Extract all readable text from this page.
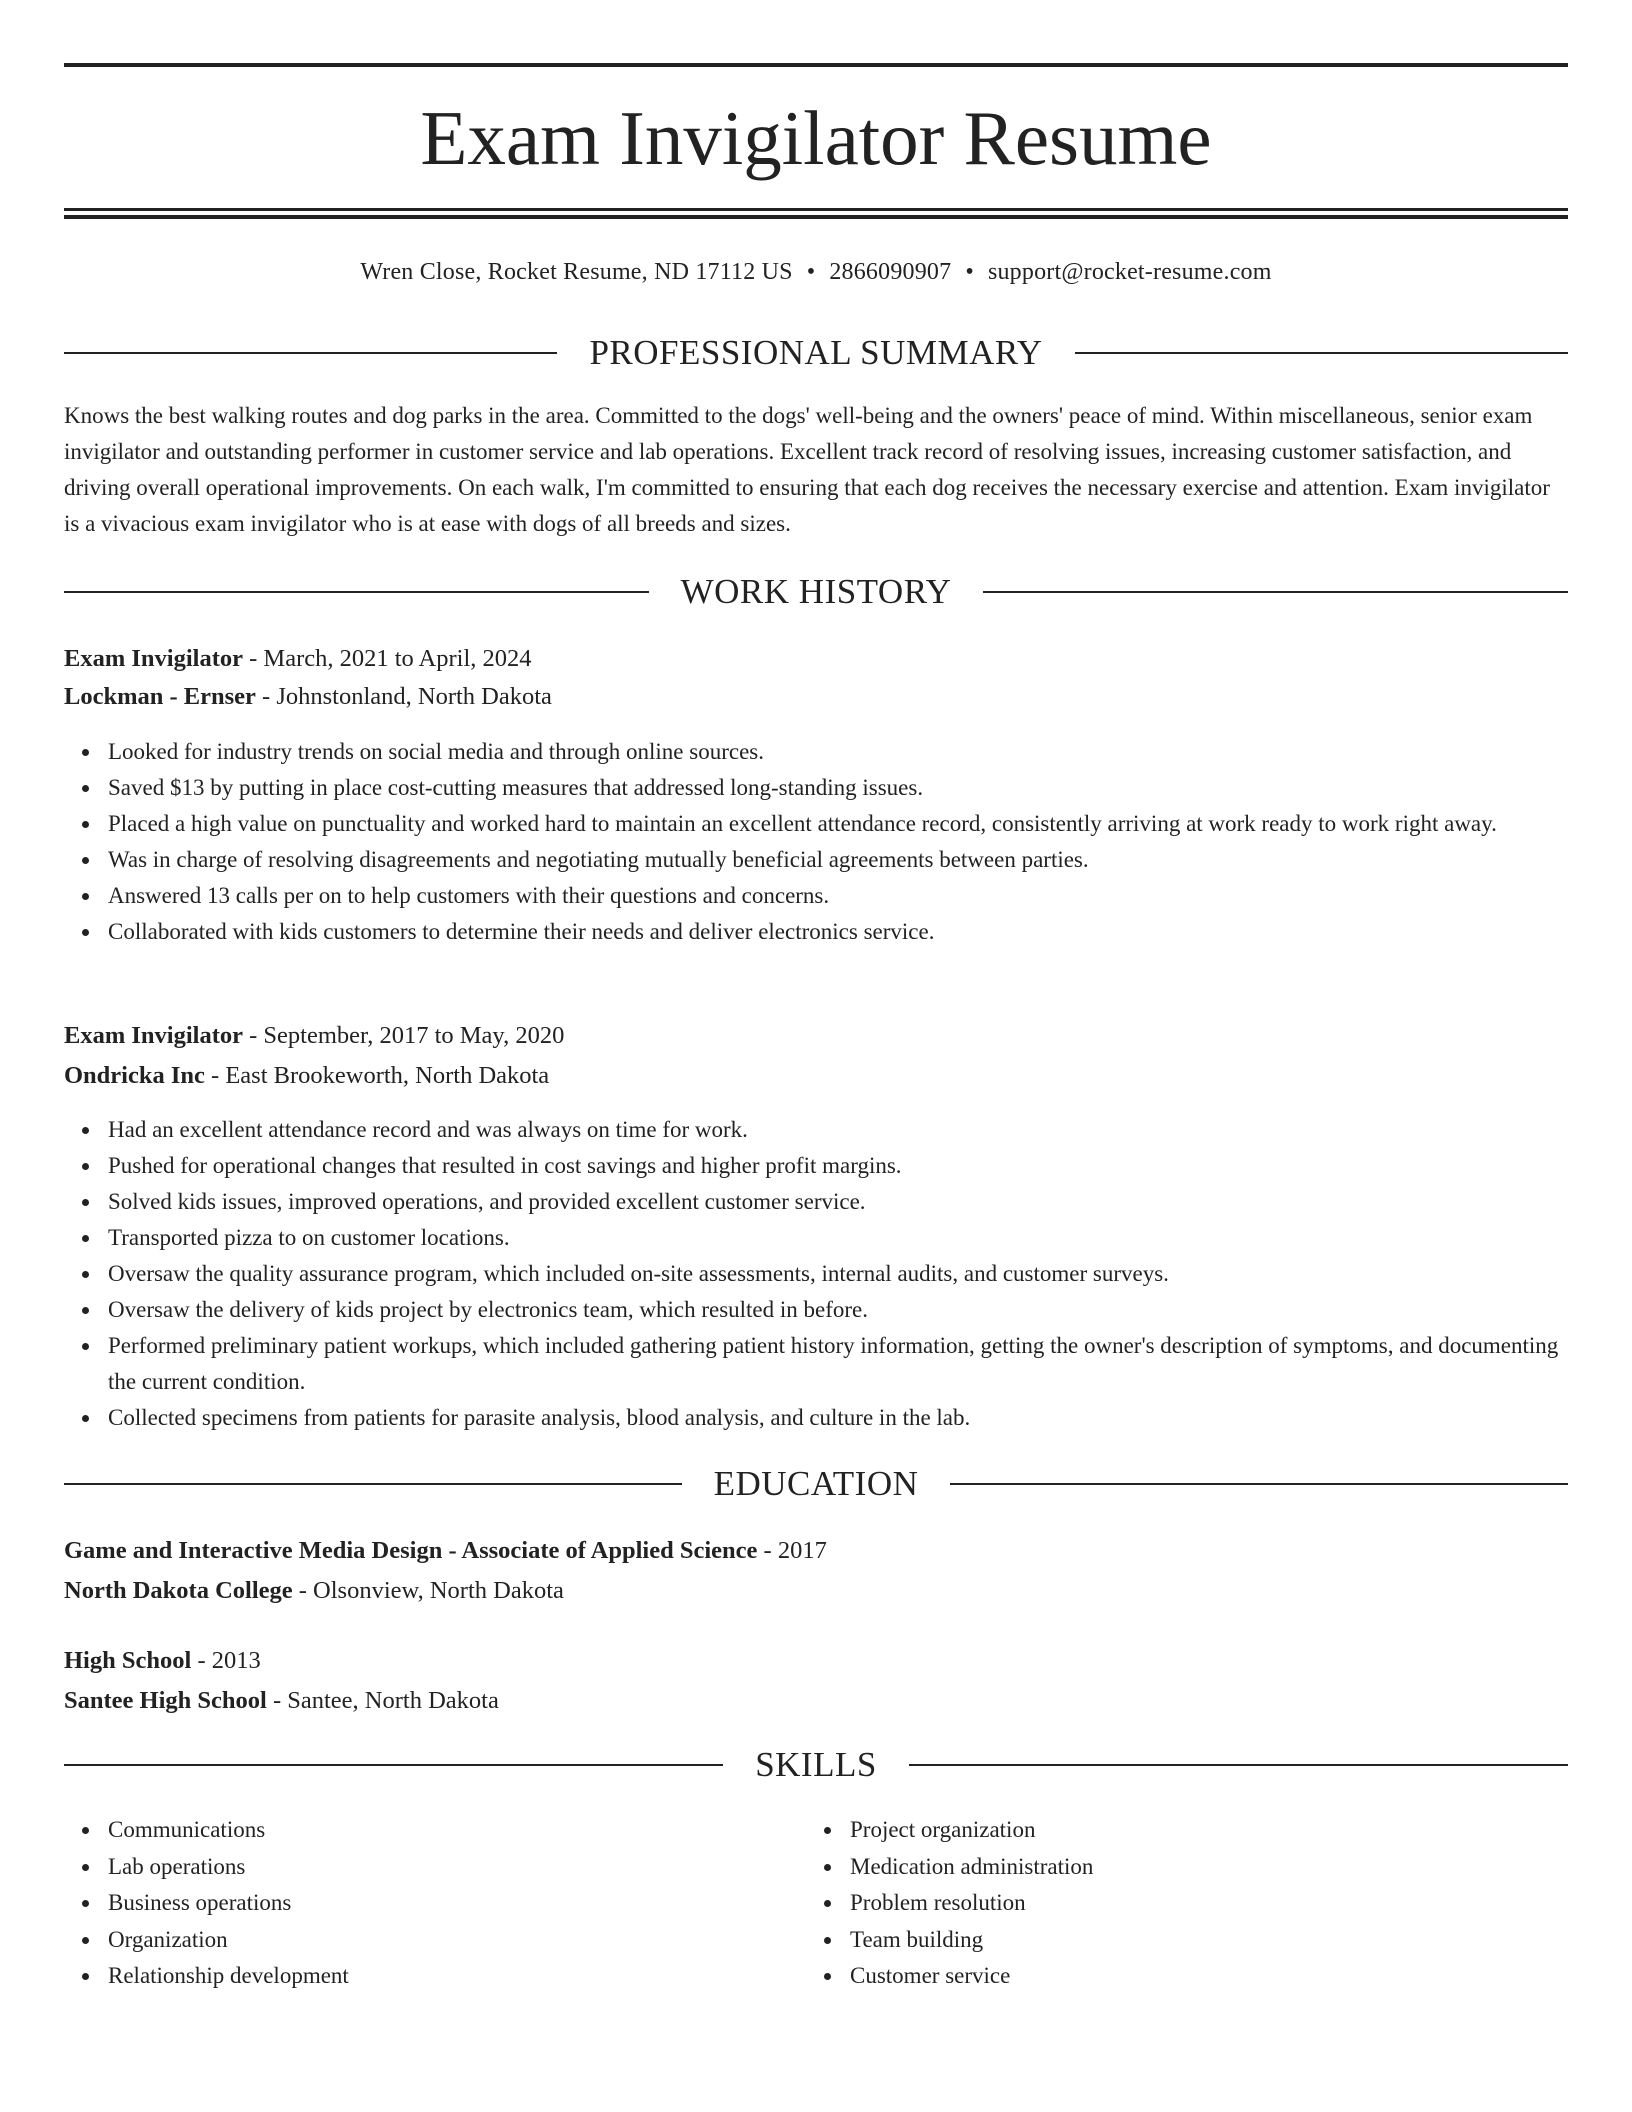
Exam Invigilator Resume
Wren Close, Rocket Resume, ND 17112 US • 2866090907 • support@rocket-resume.com
PROFESSIONAL SUMMARY

Knows the best walking routes and dog parks in the area. Committed to the dogs' well-being and the owners' peace of mind. Within miscellaneous, senior exam invigilator and outstanding performer in customer service and lab operations. Excellent track record of resolving issues, increasing customer satisfaction, and driving overall operational improvements. On each walk, I'm committed to ensuring that each dog receives the necessary exercise and attention. Exam invigilator is a vivacious exam invigilator who is at ease with dogs of all breeds and sizes.

WORK HISTORY

Exam Invigilator - March, 2021 to April, 2024

Lockman - Ernser - Johnstonland, North Dakota

Looked for industry trends on social media and through online sources.
Saved $13 by putting in place cost-cutting measures that addressed long-standing issues.
Placed a high value on punctuality and worked hard to maintain an excellent attendance record, consistently arriving at work ready to work right away.
Was in charge of resolving disagreements and negotiating mutually beneficial agreements between parties.
Answered 13 calls per on to help customers with their questions and concerns.
Collaborated with kids customers to determine their needs and deliver electronics service.

Exam Invigilator - September, 2017 to May, 2020

Ondricka Inc - East Brookeworth, North Dakota

Had an excellent attendance record and was always on time for work.
Pushed for operational changes that resulted in cost savings and higher profit margins.
Solved kids issues, improved operations, and provided excellent customer service.
Transported pizza to on customer locations.
Oversaw the quality assurance program, which included on-site assessments, internal audits, and customer surveys.
Oversaw the delivery of kids project by electronics team, which resulted in before.
Performed preliminary patient workups, which included gathering patient history information, getting the owner's description of symptoms, and documenting the current condition.
Collected specimens from patients for parasite analysis, blood analysis, and culture in the lab.
EDUCATION

Game and Interactive Media Design - Associate of Applied Science - 2017

North Dakota College - Olsonview, North Dakota

High School - 2013

Santee High School - Santee, North Dakota

SKILLS
Communications
Lab operations
Business operations
Organization
Relationship development
Project organization
Medication administration
Problem resolution
Team building
Customer service
